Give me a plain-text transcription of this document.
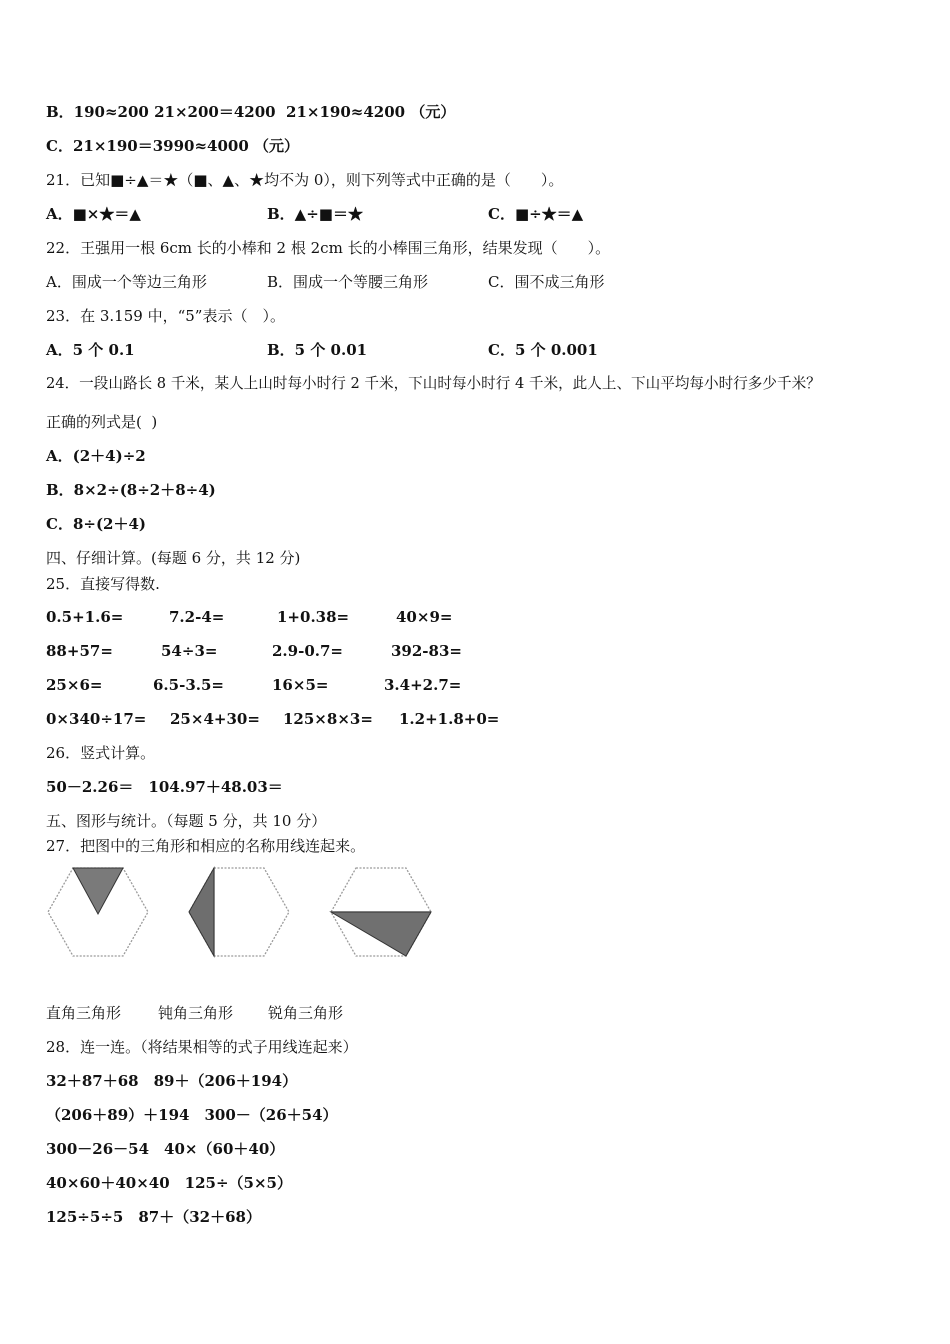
B．190≈200 21×200＝4200  21×190≈4200 （元）
C．21×190＝3990≈4000 （元）
21．已知■÷▲＝★（■、▲、★均不为 0），则下列等式中正确的是（　　）。
A．■×★＝▲	B．▲÷■＝★	C．■÷★＝▲
22．王强用一根 6cm 长的小棒和 2 根 2cm 长的小棒围三角形，结果发现（　　）。
A．围成一个等边三角形	B．围成一个等腰三角形	C．围不成三角形
23．在 3.159 中，“5”表示（　）。
A．5 个 0.1	B．5 个 0.01	C．5 个 0.001
24．一段山路长 8 千米，某人上山时每小时行 2 千米，下山时每小时行 4 千米，此人上、下山平均每小时行多少千米？
正确的列式是(  )
A．(2＋4)÷2
B．8×2÷(8÷2＋8÷4)
C．8÷(2＋4)
四、仔细计算。(每题 6 分，共 12 分)
25．直接写得数.
0.5+1.6=	7.2-4=	1+0.38=	40×9=
88+57=	54÷3=	2.9-0.7=	392-83=
25×6=	6.5-3.5=	16×5=	3.4+2.7=
0×340÷17= 25×4+30= 125×8×3= 1.2+1.8+0=
26．竖式计算。
50－2.26＝　104.97＋48.03＝
五、图形与统计。（每题 5 分，共 10 分）
27．把图中的三角形和相应的名称用线连起来。
直角三角形 钝角三角形 锐角三角形
28．连一连。（将结果相等的式子用线连起来）
32＋87＋68　89＋（206＋194）
（206＋89）＋194　300－（26＋54）
300－26－54　40×（60＋40）
40×60＋40×40　125÷（5×5）
125÷5÷5　87＋（32＋68）
